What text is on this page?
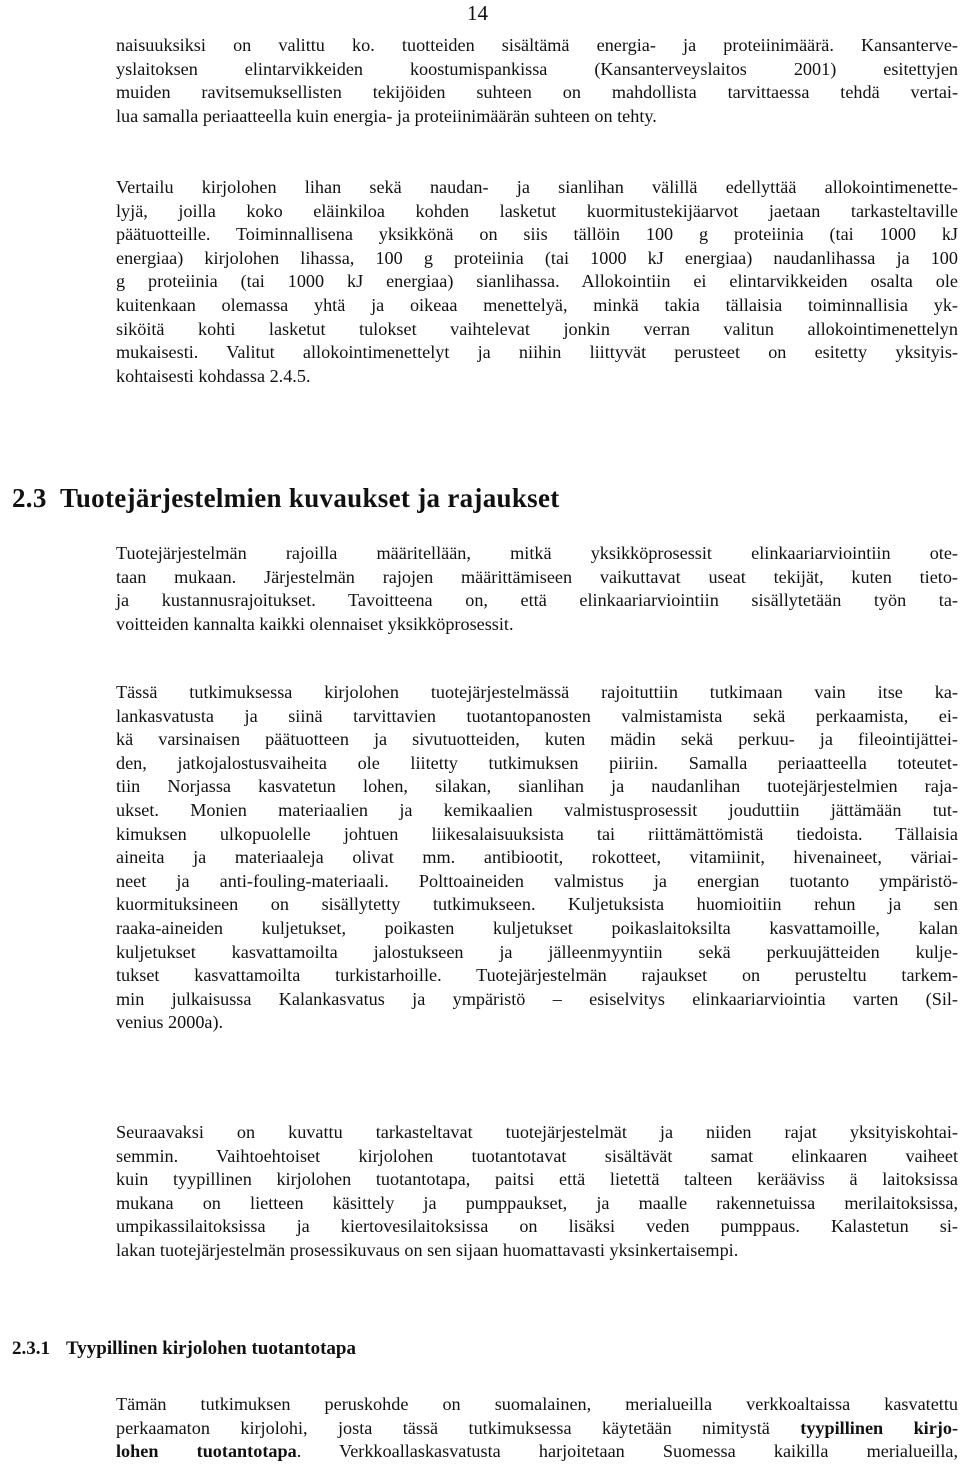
14
naisuuksiksi on valittu ko. tuotteiden sisältämä energia- ja proteiinimäärä. Kansanterve-
yslaitoksen elintarvikkeiden koostumispankissa (Kansanterveyslaitos 2001) esitettyjen
muiden ravitsemuksellisten tekijöiden suhteen on mahdollista tarvittaessa tehdä vertai-
lua samalla periaatteella kuin energia- ja proteiinimäärän suhteen on tehty.
Vertailu kirjolohen lihan sekä naudan- ja sianlihan välillä edellyttää allokointimenette-
lyjä, joilla koko eläinkiloa kohden lasketut kuormitustekijäarvot jaetaan tarkasteltaville
päätuotteille. Toiminnallisena yksikkönä on siis tällöin 100 g proteiinia (tai 1000 kJ
energiaa) kirjolohen lihassa, 100 g proteiinia (tai 1000 kJ energiaa) naudanlihassa ja 100
g proteiinia (tai 1000 kJ energiaa) sianlihassa. Allokointiin ei elintarvikkeiden osalta ole
kuitenkaan olemassa yhtä ja oikeaa menettelyä, minkä takia tällaisia toiminnallisia yk-
siköitä kohti lasketut tulokset vaihtelevat jonkin verran valitun allokointimenettelyn
mukaisesti. Valitut allokointimenettelyt ja niihin liittyvät perusteet on esitetty yksityis-
kohtaisesti kohdassa 2.4.5.
2.3 Tuotejärjestelmien kuvaukset ja rajaukset
Tuotejärjestelmän rajoilla määritellään, mitkä yksikköprosessit elinkaariarviointiin ote-
taan mukaan. Järjestelmän rajojen määrittämiseen vaikuttavat useat tekijät, kuten tieto-
ja kustannusrajoitukset. Tavoitteena on, että elinkaariarviointiin sisällytetään työn ta-
voitteiden kannalta kaikki olennaiset yksikköprosessit.
Tässä tutkimuksessa kirjolohen tuotejärjestelmässä rajoituttiin tutkimaan vain itse ka-
lankasvatusta ja siinä tarvittavien tuotantopanosten valmistamista sekä perkaamista, ei-
kä varsinaisen päätuotteen ja sivutuotteiden, kuten mädin sekä perkuu- ja fileointijättei-
den, jatkojalostusvaiheita ole liitetty tutkimuksen piiriin. Samalla periaatteella toteutet-
tiin Norjassa kasvatetun lohen, silakan, sianlihan ja naudanlihan tuotejärjestelmien raja-
ukset. Monien materiaalien ja kemikaalien valmistusprosessit jouduttiin jättämään tut-
kimuksen ulkopuolelle johtuen liikesalaisuuksista tai riittämättömistä tiedoista. Tällaisia
aineita ja materiaaleja olivat mm. antibiootit, rokotteet, vitamiinit, hivenaineet, väriai-
neet ja anti-fouling-materiaali. Polttoaineiden valmistus ja energian tuotanto ympäristö-
kuormituksineen on sisällytetty tutkimukseen. Kuljetuksista huomioitiin rehun ja sen
raaka-aineiden kuljetukset, poikasten kuljetukset poikaslaitoksilta kasvattamoille, kalan
kuljetukset kasvattamoilta jalostukseen ja jälleenmyyntiin sekä perkuujätteiden kulje-
tukset kasvattamoilta turkistarhoille. Tuotejärjestelmän rajaukset on perusteltu tarkem-
min julkaisussa Kalankasvatus ja ympäristö – esiselvitys elinkaariarviointia varten (Sil-
venius 2000a).
Seuraavaksi on kuvattu tarkasteltavat tuotejärjestelmät ja niiden rajat yksityiskohtai-
semmin. Vaihtoehtoiset kirjolohen tuotantotavat sisältävät samat elinkaaren vaiheet
kuin tyypillinen kirjolohen tuotantotapa, paitsi että lietettä talteen kerääviss ä laitoksissa
mukana on lietteen käsittely ja pumppaukset, ja maalle rakennetuissa merilaitoksissa,
umpikassilaitoksissa ja kiertovesilaitoksissa on lisäksi veden pumppaus. Kalastetun si-
lakan tuotejärjestelmän prosessikuvaus on sen sijaan huomattavasti yksinkertaisempi.
2.3.1 Tyypillinen kirjolohen tuotantotapa
Tämän tutkimuksen peruskohde on suomalainen, merialueilla verkkoaltaissa kasvatettu
perkaamaton kirjolohi, josta tässä tutkimuksessa käytetään nimitystä tyypillinen kirjo-
lohen tuotantotapa. Verkkoallaskasvatusta harjoitetaan Suomessa kaikilla merialueilla,
